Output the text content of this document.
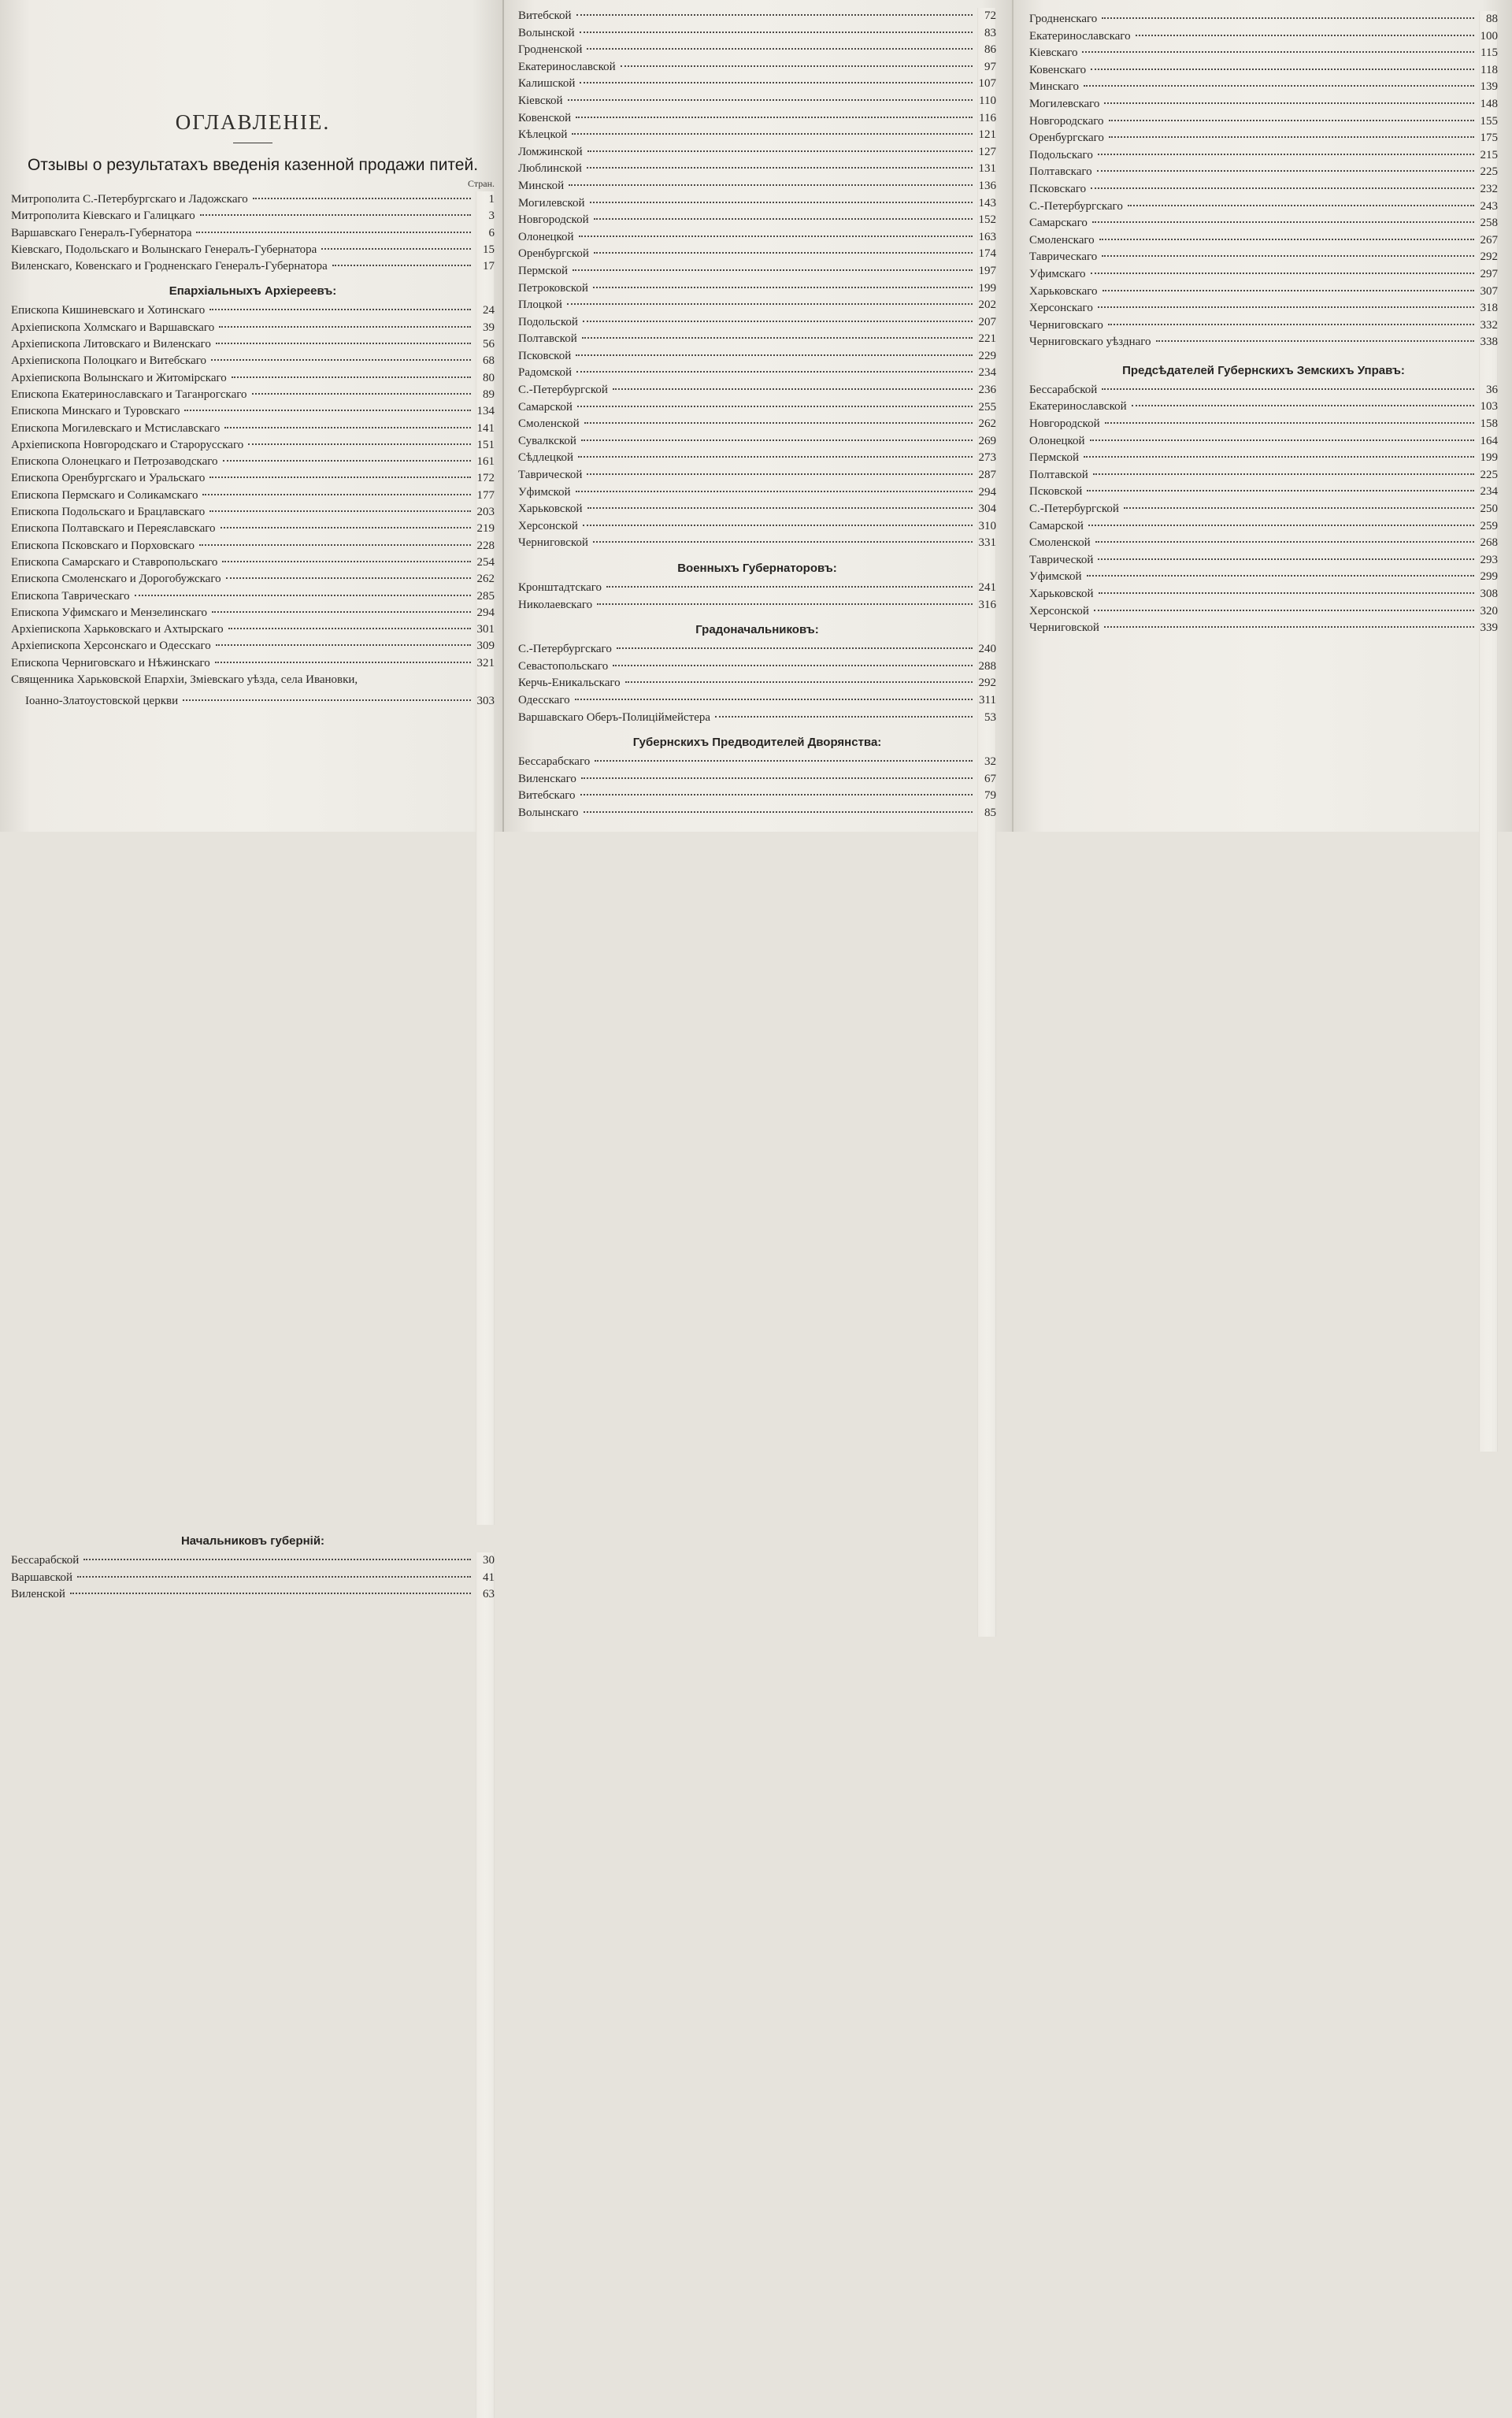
ОГЛАВЛЕНІЕ.
Отзывы о результатахъ введенія казенной продажи питей.
Стран.
Митрополита С.-Петербургскаго и Ладожскаго	1
Митрополита Кіевскаго и Галицкаго	3
Варшавскаго Генералъ-Губернатора	6
Кіевскаго, Подольскаго и Волынскаго Генералъ-Губернатора	15
Виленскаго, Ковенскаго и Гродненскаго Генералъ-Губернатора	17
Епархіальныхъ Архіереевъ:
Епископа Кишиневскаго и Хотинскаго	24
Архіепископа Холмскаго и Варшавскаго	39
Архіепископа Литовскаго и Виленскаго	56
Архіепископа Полоцкаго и Витебскаго	68
Архіепископа Волынскаго и Житомірскаго	80
Епископа Екатеринославскаго и Таганрогскаго	89
Епископа Минскаго и Туровскаго	134
Епископа Могилевскаго и Мстиславскаго	141
Архіепископа Новгородскаго и Старорусскаго	151
Епископа Олонецкаго и Петрозаводскаго	161
Епископа Оренбургскаго и Уральскаго	172
Епископа Пермскаго и Соликамскаго	177
Епископа Подольскаго и Брацлавскаго	203
Епископа Полтавскаго и Переяславскаго	219
Епископа Псковскаго и Порховскаго	228
Епископа Самарскаго и Ставропольскаго	254
Епископа Смоленскаго и Дорогобужскаго	262
Епископа Таврическаго	285
Епископа Уфимскаго и Мензелинскаго	294
Архіепископа Харьковскаго и Ахтырскаго	301
Архіепископа Херсонскаго и Одесскаго	309
Епископа Черниговскаго и Нѣжинскаго	321
Священника Харьковской Епархіи, Зміевскаго уѣзда, села Ивановки,
Іоанно-Златоустовской церкви	303
Начальниковъ губерній:
Бессарабской	30
Варшавской	41
Виленской	63
Витебской	72
Волынской	83
Гродненской	86
Екатеринославской	97
Калишской	107
Кіевской	110
Ковенской	116
Кѣлецкой	121
Ломжинской	127
Люблинской	131
Минской	136
Могилевской	143
Новгородской	152
Олонецкой	163
Оренбургской	174
Пермской	197
Петроковской	199
Плоцкой	202
Подольской	207
Полтавской	221
Псковской	229
Радомской	234
С.-Петербургской	236
Самарской	255
Смоленской	262
Сувалкской	269
Сѣдлецкой	273
Таврической	287
Уфимской	294
Харьковской	304
Херсонской	310
Черниговской	331
Военныхъ Губернаторовъ:
Кронштадтскаго	241
Николаевскаго	316
Градоначальниковъ:
С.-Петербургскаго	240
Севастопольскаго	288
Керчь-Еникальскаго	292
Одесскаго	311
Варшавскаго Оберъ-Полиціймейстера	53
Губернскихъ Предводителей Дворянства:
Бессарабскаго	32
Виленскаго	67
Витебскаго	79
Волынскаго	85
Гродненскаго	88
Екатеринославскаго	100
Кіевскаго	115
Ковенскаго	118
Минскаго	139
Могилевскаго	148
Новгородскаго	155
Оренбургскаго	175
Подольскаго	215
Полтавскаго	225
Псковскаго	232
С.-Петербургскаго	243
Самарскаго	258
Смоленскаго	267
Таврическаго	292
Уфимскаго	297
Харьковскаго	307
Херсонскаго	318
Черниговскаго	332
Черниговскаго уѣзднаго	338
Предсѣдателей Губернскихъ Земскихъ Управъ:
Бессарабской	36
Екатеринославской	103
Новгородской	158
Олонецкой	164
Пермской	199
Полтавской	225
Псковской	234
С.-Петербургской	250
Самарской	259
Смоленской	268
Таврической	293
Уфимской	299
Харьковской	308
Херсонской	320
Черниговской	339
